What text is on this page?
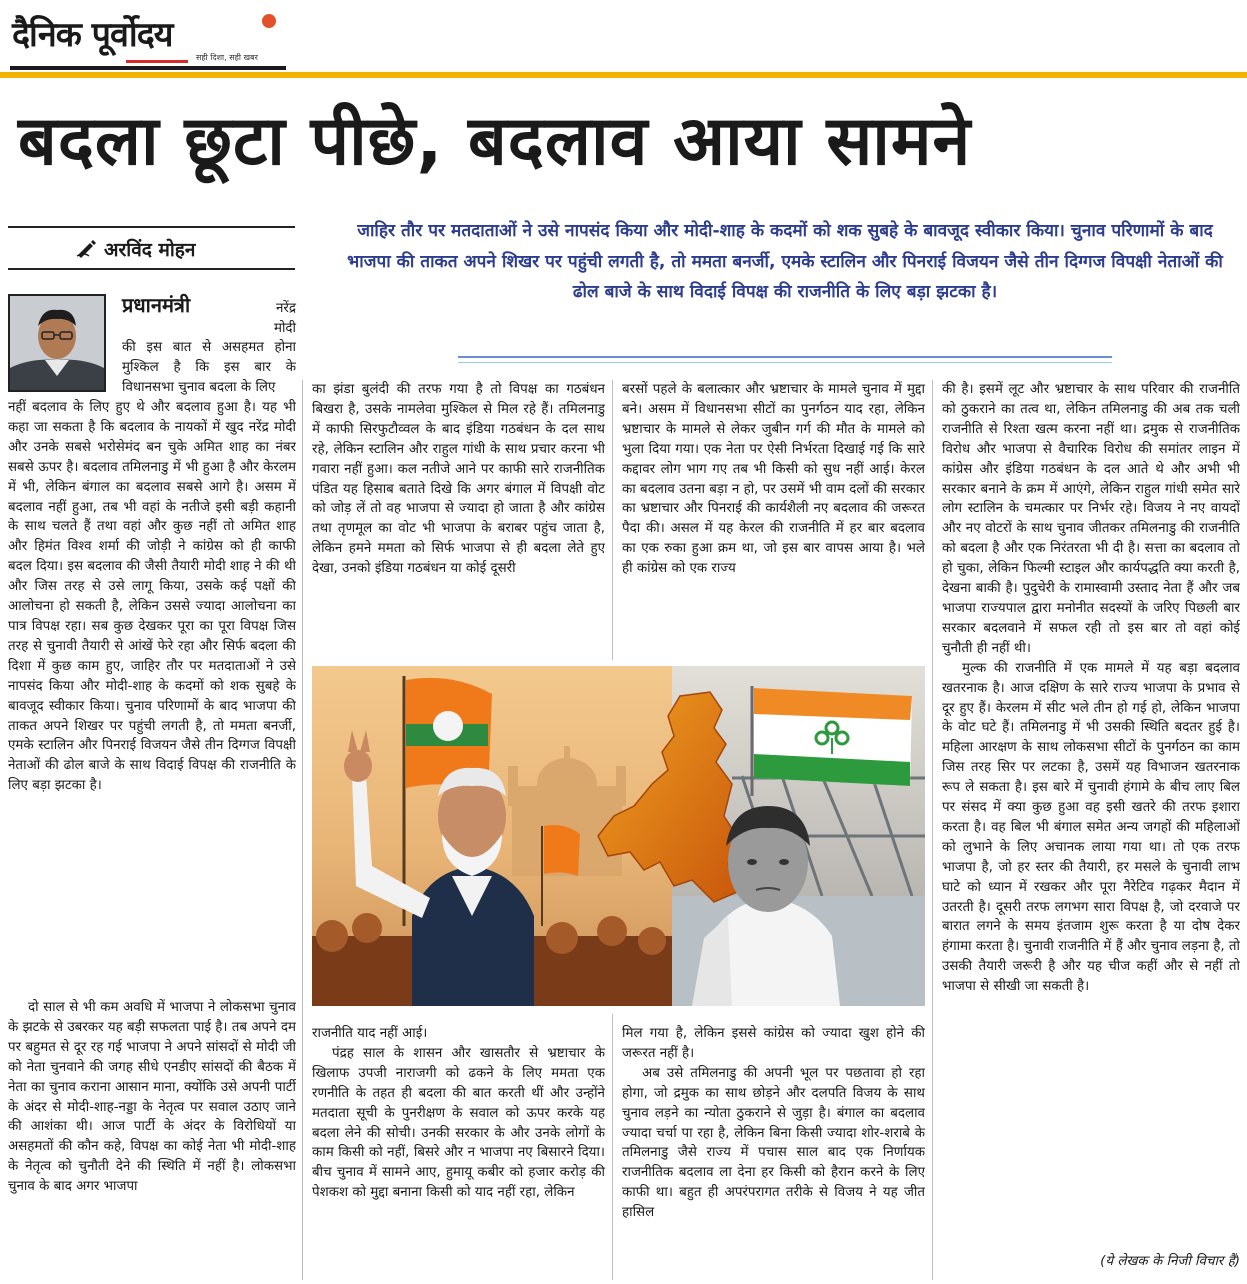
दैनिक पूर्वोदय
सही दिशा, सही खबर
बदला छूटा पीछे, बदलाव आया सामने
अरविंद मोहन
जाहिर तौर पर मतदाताओं ने उसे नापसंद किया और मोदी-शाह के कदमों को शक सुबहे के बावजूद स्वीकार किया। चुनाव परिणामों के बाद भाजपा की ताकत अपने शिखर पर पहुंची लगती है, तो ममता बनर्जी, एमके स्टालिन और पिनराई विजयन जैसे तीन दिग्गज विपक्षी नेताओं की ढोल बाजे के साथ विदाई विपक्ष की राजनीति के लिए बड़ा झटका है।
प्रधानमंत्री	नरेंद्र मोदी

की इस बात से असहमत होना मुश्किल है कि इस बार के विधानसभा चुनाव बदला के लिए

नहीं बदलाव के लिए हुए थे और बदलाव हुआ है। यह भी कहा जा सकता है कि बदलाव के नायकों में खुद नरेंद्र मोदी और उनके सबसे भरोसेमंद बन चुके अमित शाह का नंबर सबसे ऊपर है। बदलाव तमिलनाडु में भी हुआ है और केरलम में भी, लेकिन बंगाल का बदलाव सबसे आगे है। असम में बदलाव नहीं हुआ, तब भी वहां के नतीजे इसी बड़ी कहानी के साथ चलते हैं तथा वहां और कुछ नहीं तो अमित शाह और हिमंत विश्व शर्मा की जोड़ी ने कांग्रेस को ही काफी बदल दिया। इस बदलाव की जैसी तैयारी मोदी शाह ने की थी और जिस तरह से उसे लागू किया, उसके कई पक्षों की आलोचना हो सकती है, लेकिन उससे ज्यादा आलोचना का पात्र विपक्ष रहा। सब कुछ देखकर पूरा का पूरा विपक्ष जिस तरह से चुनावी तैयारी से आंखें फेरे रहा और सिर्फ बदला की दिशा में कुछ काम हुए, जाहिर तौर पर मतदाताओं ने उसे नापसंद किया और मोदी-शाह के कदमों को शक सुबहे के बावजूद स्वीकार किया। चुनाव परिणामों के बाद भाजपा की ताकत अपने शिखर पर पहुंची लगती है, तो ममता बनर्जी, एमके स्टालिन और पिनराई विजयन जैसे तीन दिग्गज विपक्षी नेताओं की ढोल बाजे के साथ विदाई विपक्ष की राजनीति के लिए बड़ा झटका है।

दो साल से भी कम अवधि में भाजपा ने लोकसभा चुनाव के झटके से उबरकर यह बड़ी सफलता पाई है। तब अपने दम पर बहुमत से दूर रह गई भाजपा ने अपने सांसदों से मोदी जी को नेता चुनवाने की जगह सीधे एनडीए सांसदों की बैठक में नेता का चुनाव कराना आसान माना, क्योंकि उसे अपनी पार्टी के अंदर से मोदी-शाह-नड्डा के नेतृत्व पर सवाल उठाए जाने की आशंका थी। आज पार्टी के अंदर के विरोधियों या असहमतों की कौन कहे, विपक्ष का कोई नेता भी मोदी-शाह के नेतृत्व को चुनौती देने की स्थिति में नहीं है। लोकसभा चुनाव के बाद अगर भाजपा

का झंडा बुलंदी की तरफ गया है तो विपक्ष का गठबंधन बिखरा है, उसके नामलेवा मुश्किल से मिल रहे हैं। तमिलनाडु में काफी सिरफुटौव्वल के बाद इंडिया गठबंधन के दल साथ रहे, लेकिन स्टालिन और राहुल गांधी के साथ प्रचार करना भी गवारा नहीं हुआ। कल नतीजे आने पर काफी सारे राजनीतिक पंडित यह हिसाब बताते दिखे कि अगर बंगाल में विपक्षी वोट को जोड़ लें तो वह भाजपा से ज्यादा हो जाता है और कांग्रेस तथा तृणमूल का वोट भी भाजपा के बराबर पहुंच जाता है, लेकिन हमने ममता को सिर्फ भाजपा से ही बदला लेते हुए देखा, उनको इंडिया गठबंधन या कोई दूसरी

राजनीति याद नहीं आई।

पंद्रह साल के शासन और खासतौर से भ्रष्टाचार के खिलाफ उपजी नाराजगी को ढकने के लिए ममता एक रणनीति के तहत ही बदला की बात करती थीं और उन्होंने मतदाता सूची के पुनरीक्षण के सवाल को ऊपर करके यह बदला लेने की सोची। उनकी सरकार के और उनके लोगों के काम किसी को नहीं, बिसरे और न भाजपा नए बिसारने दिया। बीच चुनाव में सामने आए, हुमायू कबीर को हजार करोड़ की पेशकश को मुद्दा बनाना किसी को याद नहीं रहा, लेकिन

बरसों पहले के बलात्कार और भ्रष्टाचार के मामले चुनाव में मुद्दा बने। असम में विधानसभा सीटों का पुनर्गठन याद रहा, लेकिन भ्रष्टाचार के मामले से लेकर जुबीन गर्ग की मौत के मामले को भुला दिया गया। एक नेता पर ऐसी निर्भरता दिखाई गई कि सारे कद्दावर लोग भाग गए तब भी किसी को सुध नहीं आई। केरल का बदलाव उतना बड़ा न हो, पर उसमें भी वाम दलों की सरकार का भ्रष्टाचार और पिनराई की कार्यशैली नए बदलाव की जरूरत पैदा की। असल में यह केरल की राजनीति में हर बार बदलाव का एक रुका हुआ क्रम था, जो इस बार वापस आया है। भले ही कांग्रेस को एक राज्य

मिल गया है, लेकिन इससे कांग्रेस को ज्यादा खुश होने की जरूरत नहीं है।

अब उसे तमिलनाडु की अपनी भूल पर पछतावा हो रहा होगा, जो द्रमुक का साथ छोड़ने और दलपति विजय के साथ चुनाव लड़ने का न्योता ठुकराने से जुड़ा है। बंगाल का बदलाव ज्यादा चर्चा पा रहा है, लेकिन बिना किसी ज्यादा शोर-शराबे के तमिलनाडु जैसे राज्य में पचास साल बाद एक निर्णायक राजनीतिक बदलाव ला देना हर किसी को हैरान करने के लिए काफी था। बहुत ही अपरंपरागत तरीके से विजय ने यह जीत हासिल

की है। इसमें लूट और भ्रष्टाचार के साथ परिवार की राजनीति को ठुकराने का तत्व था, लेकिन तमिलनाडु की अब तक चली राजनीति से रिश्ता खत्म करना नहीं था। द्रमुक से राजनीतिक विरोध और भाजपा से वैचारिक विरोध की समांतर लाइन में कांग्रेस और इंडिया गठबंधन के दल आते थे और अभी भी सरकार बनाने के क्रम में आएंगे, लेकिन राहुल गांधी समेत सारे लोग स्टालिन के चमत्कार पर निर्भर रहे। विजय ने नए वायदों और नए वोटरों के साथ चुनाव जीतकर तमिलनाडु की राजनीति को बदला है और एक निरंतरता भी दी है। सत्ता का बदलाव तो हो चुका, लेकिन फिल्मी स्टाइल और कार्यपद्धति क्या करती है, देखना बाकी है। पुदुचेरी के रामास्वामी उस्ताद नेता हैं और जब भाजपा राज्यपाल द्वारा मनोनीत सदस्यों के जरिए पिछली बार सरकार बदलवाने में सफल रही तो इस बार तो वहां कोई चुनौती ही नहीं थी।

मुल्क की राजनीति में एक मामले में यह बड़ा बदलाव खतरनाक है। आज दक्षिण के सारे राज्य भाजपा के प्रभाव से दूर हुए हैं। केरलम में सीट भले तीन हो गई हो, लेकिन भाजपा के वोट घटे हैं। तमिलनाडु में भी उसकी स्थिति बदतर हुई है। महिला आरक्षण के साथ लोकसभा सीटों के पुनर्गठन का काम जिस तरह सिर पर लटका है, उसमें यह विभाजन खतरनाक रूप ले सकता है। इस बारे में चुनावी हंगामे के बीच लाए बिल पर संसद में क्या कुछ हुआ वह इसी खतरे की तरफ इशारा करता है। वह बिल भी बंगाल समेत अन्य जगहों की महिलाओं को लुभाने के लिए अचानक लाया गया था। तो एक तरफ भाजपा है, जो हर स्तर की तैयारी, हर मसले के चुनावी लाभ घाटे को ध्यान में रखकर और पूरा नैरेटिव गढ़कर मैदान में उतरती है। दूसरी तरफ लगभग सारा विपक्ष है, जो दरवाजे पर बारात लगने के समय इंतजाम शुरू करता है या दोष देकर हंगामा करता है। चुनावी राजनीति में हैं और चुनाव लड़ना है, तो उसकी तैयारी जरूरी है और यह चीज कहीं और से नहीं तो भाजपा से सीखी जा सकती है।

(ये लेखक के निजी विचार हैं)
